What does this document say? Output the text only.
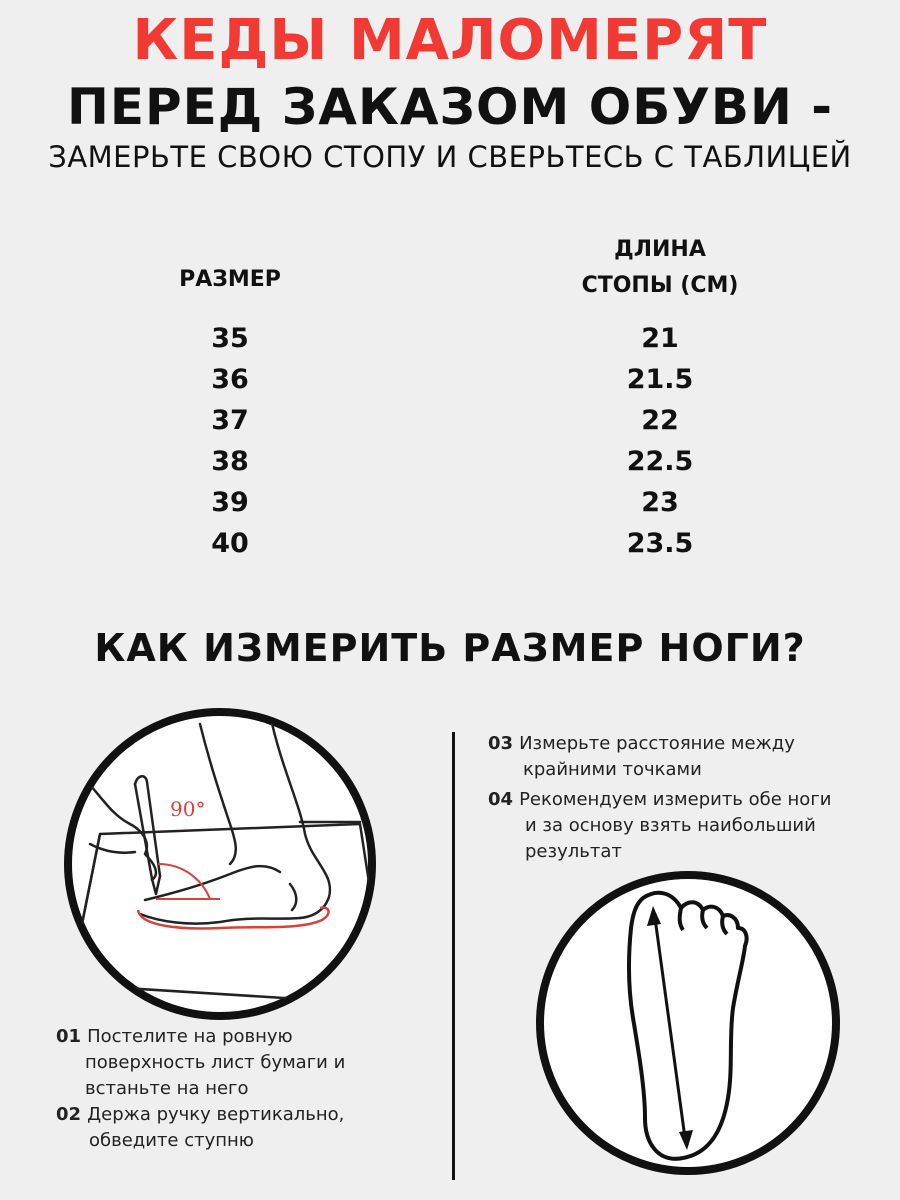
КЕДЫ МАЛОМЕРЯТ
ПЕРЕД ЗАКАЗОМ ОБУВИ -
ЗАМЕРЬТЕ СВОЮ СТОПУ И СВЕРЬТЕСЬ С ТАБЛИЦЕЙ
РАЗМЕР
ДЛИНА
СТОПЫ (СМ)
35
36
37
38
39
40
21
21.5
22
22.5
23
23.5
КАК ИЗМЕРИТЬ РАЗМЕР НОГИ?
90°
01 Постелите на ровную
поверхность лист бумаги и
встаньте на него
02 Держа ручку вертикально,
обведите ступню
03 Измерьте расстояние между
крайними точками
04 Рекомендуем измерить обе ноги
и за основу взять наибольший
результат
